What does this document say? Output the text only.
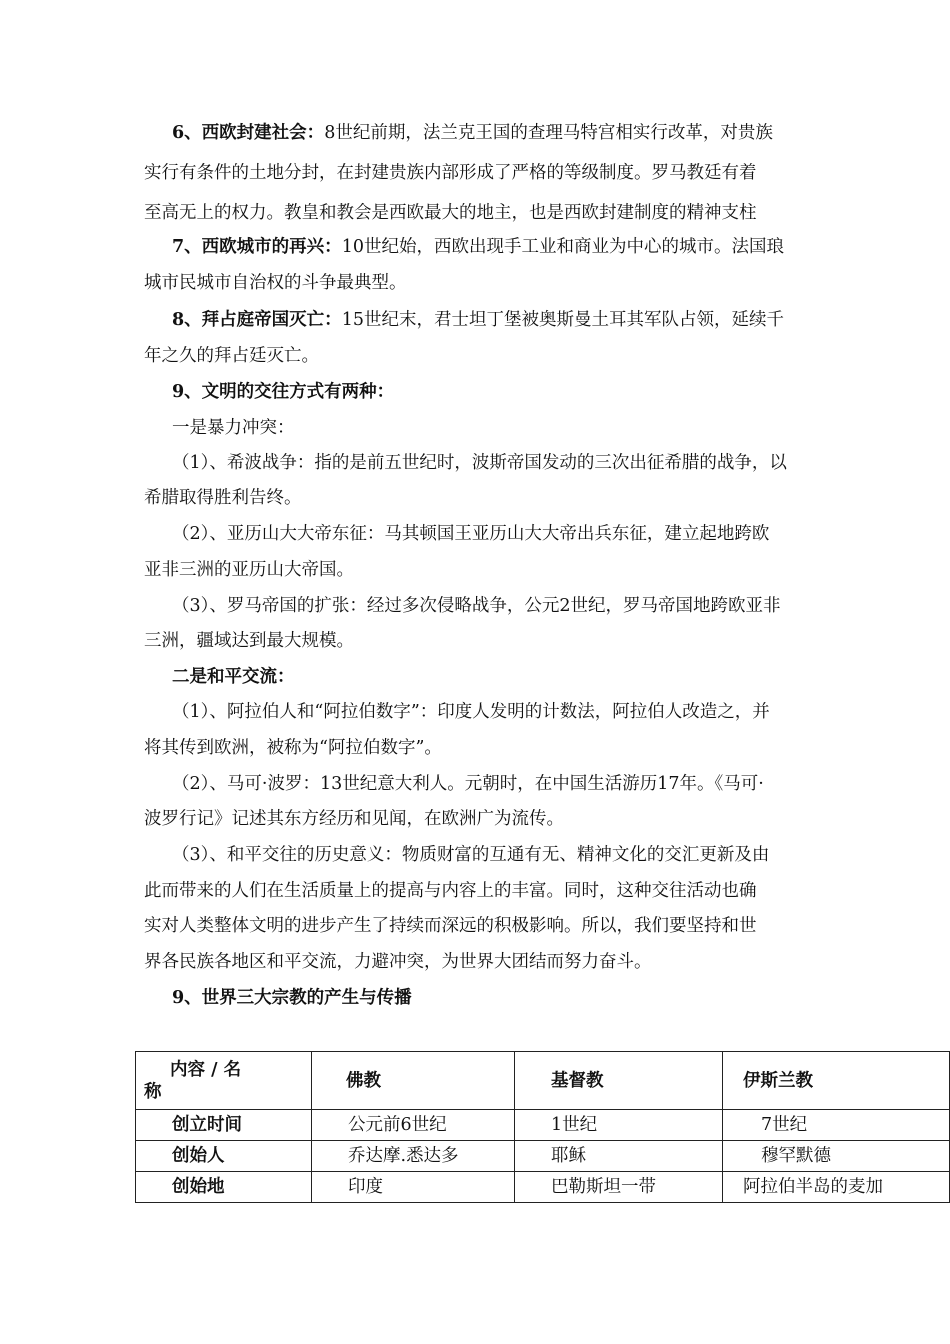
6、西欧封建社会：8世纪前期，法兰克王国的查理马特宫相实行改革，对贵族
实行有条件的土地分封，在封建贵族内部形成了严格的等级制度。罗马教廷有着
至高无上的权力。教皇和教会是西欧最大的地主，也是西欧封建制度的精神支柱
7、西欧城市的再兴：10世纪始，西欧出现手工业和商业为中心的城市。法国琅
城市民城市自治权的斗争最典型。
8、拜占庭帝国灭亡：15世纪末，君士坦丁堡被奥斯曼土耳其军队占领，延续千
年之久的拜占廷灭亡。
9、文明的交往方式有两种：
一是暴力冲突：
（1）、希波战争：指的是前五世纪时，波斯帝国发动的三次出征希腊的战争，以
希腊取得胜利告终。
（2）、亚历山大大帝东征：马其顿国王亚历山大大帝出兵东征，建立起地跨欧
亚非三洲的亚历山大帝国。
（3）、罗马帝国的扩张：经过多次侵略战争，公元2世纪，罗马帝国地跨欧亚非
三洲，疆域达到最大规模。
二是和平交流：
（1）、阿拉伯人和“阿拉伯数字”：印度人发明的计数法，阿拉伯人改造之，并
将其传到欧洲，被称为“阿拉伯数字”。
（2）、马可·波罗：13世纪意大利人。元朝时，在中国生活游历17年。《马可·
波罗行记》记述其东方经历和见闻，在欧洲广为流传。
（3）、和平交往的历史意义：物质财富的互通有无、精神文化的交汇更新及由
此而带来的人们在生活质量上的提高与内容上的丰富。同时，这种交往活动也确
实对人类整体文明的进步产生了持续而深远的积极影响。所以，我们要坚持和世
界各民族各地区和平交流，力避冲突，为世界大团结而努力奋斗。
9、世界三大宗教的产生与传播
内容 / 名
称	佛教	基督教	伊斯兰教
创立时间	公元前6世纪	1世纪	7世纪
创始人	乔达摩.悉达多	耶稣	穆罕默德
创始地	印度	巴勒斯坦一带	阿拉伯半岛的麦加
